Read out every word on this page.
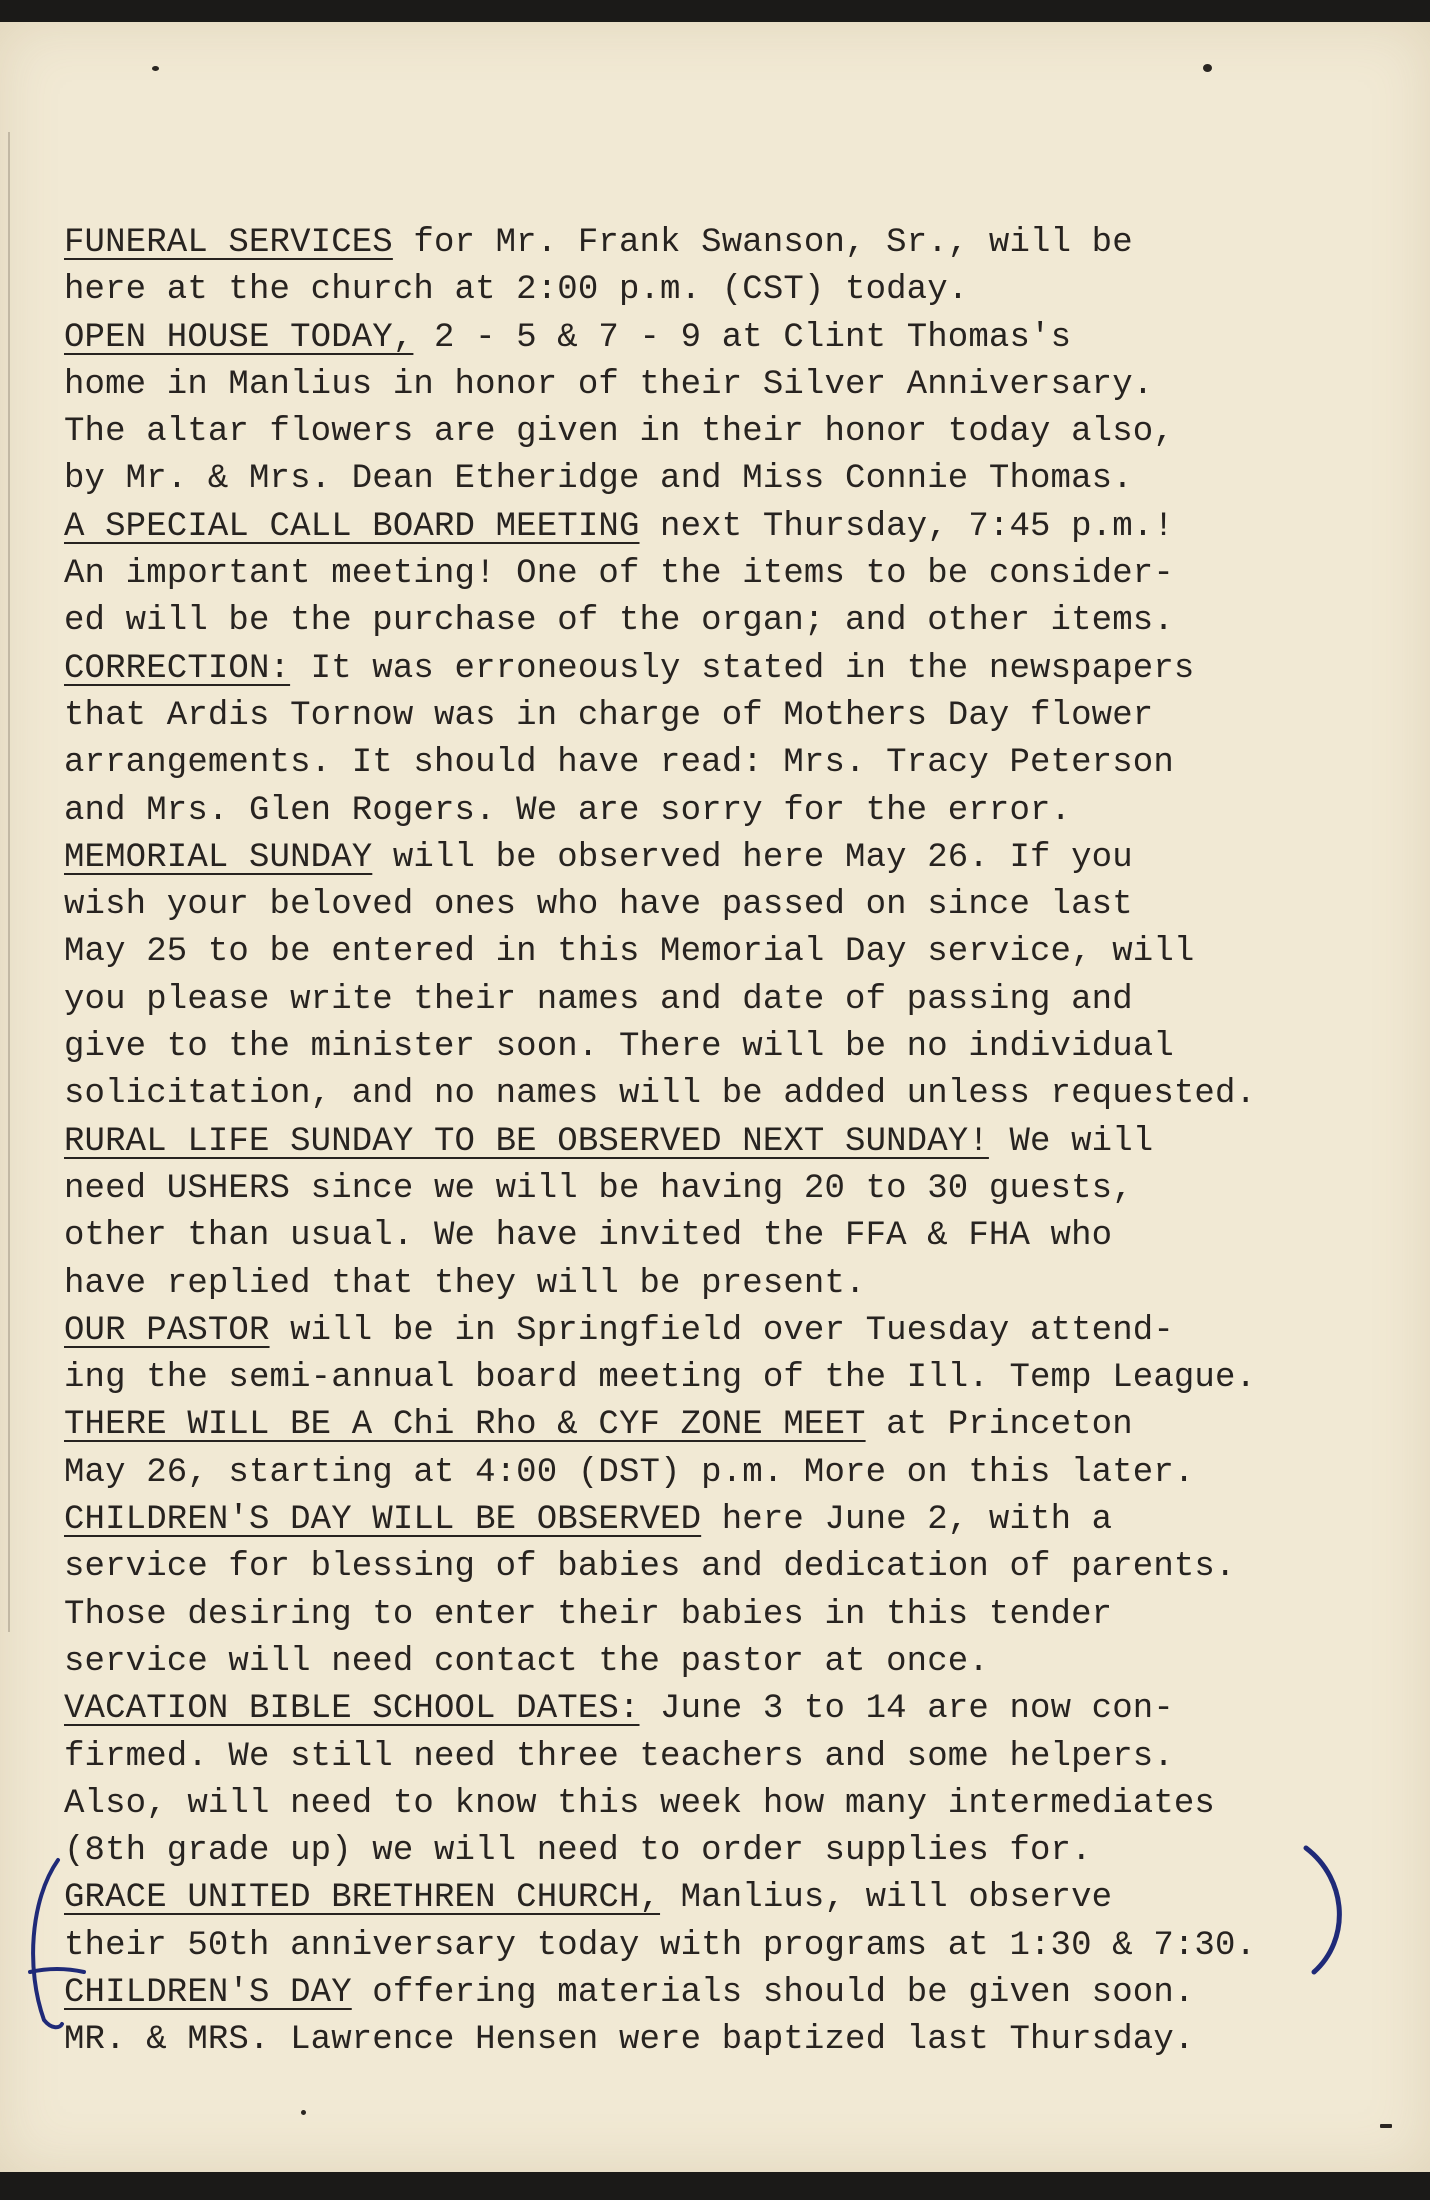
FUNERAL SERVICES for Mr. Frank Swanson, Sr., will be
here at the church at 2:00 p.m. (CST) today.
OPEN HOUSE TODAY, 2 - 5 & 7 - 9 at Clint Thomas's
home in Manlius in honor of their Silver Anniversary.
The altar flowers are given in their honor today also,
by Mr. & Mrs. Dean Etheridge and Miss Connie Thomas.
A SPECIAL CALL BOARD MEETING next Thursday, 7:45 p.m.!
An important meeting! One of the items to be consider-
ed will be the purchase of the organ; and other items.
CORRECTION: It was erroneously stated in the newspapers
that Ardis Tornow was in charge of Mothers Day flower
arrangements. It should have read: Mrs. Tracy Peterson
and Mrs. Glen Rogers. We are sorry for the error.
MEMORIAL SUNDAY will be observed here May 26. If you
wish your beloved ones who have passed on since last
May 25 to be entered in this Memorial Day service, will
you please write their names and date of passing and
give to the minister soon. There will be no individual
solicitation, and no names will be added unless requested.
RURAL LIFE SUNDAY TO BE OBSERVED NEXT SUNDAY! We will
need USHERS since we will be having 20 to 30 guests,
other than usual. We have invited the FFA & FHA who
have replied that they will be present.
OUR PASTOR will be in Springfield over Tuesday attend-
ing the semi-annual board meeting of the Ill. Temp League.
THERE WILL BE A Chi Rho & CYF ZONE MEET at Princeton
May 26, starting at 4:00 (DST) p.m. More on this later.
CHILDREN'S DAY WILL BE OBSERVED here June 2, with a
service for blessing of babies and dedication of parents.
Those desiring to enter their babies in this tender
service will need contact the pastor at once.
VACATION BIBLE SCHOOL DATES: June 3 to 14 are now con-
firmed. We still need three teachers and some helpers.
Also, will need to know this week how many intermediates
(8th grade up) we will need to order supplies for.
GRACE UNITED BRETHREN CHURCH, Manlius, will observe
their 50th anniversary today with programs at 1:30 & 7:30.
CHILDREN'S DAY offering materials should be given soon.
MR. & MRS. Lawrence Hensen were baptized last Thursday.
